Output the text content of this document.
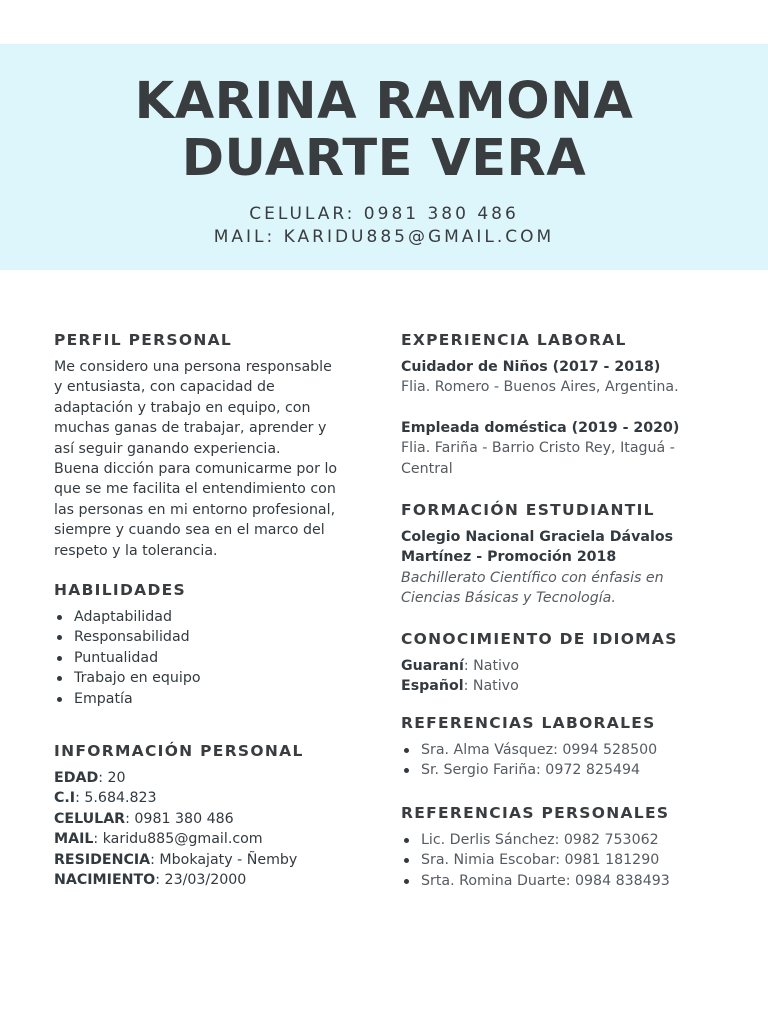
KARINA RAMONA
DUARTE VERA
CELULAR: 0981 380 486
MAIL: KARIDU885@GMAIL.COM
PERFIL PERSONAL
Me considero una persona responsable
y entusiasta, con capacidad de
adaptación y trabajo en equipo, con
muchas ganas de trabajar, aprender y
así seguir ganando experiencia.
Buena dicción para comunicarme por lo
que se me facilita el entendimiento con
las personas en mi entorno profesional,
siempre y cuando sea en el marco del
respeto y la tolerancia.
HABILIDADES
Adaptabilidad
Responsabilidad
Puntualidad
Trabajo en equipo
Empatía
INFORMACIÓN PERSONAL
EDAD: 20
C.I: 5.684.823
CELULAR: 0981 380 486
MAIL: karidu885@gmail.com
RESIDENCIA: Mbokajaty - Ñemby
NACIMIENTO: 23/03/2000
EXPERIENCIA LABORAL
Cuidador de Niños (2017 - 2018)
Flia. Romero - Buenos Aires, Argentina.
Empleada doméstica (2019 - 2020)
Flia. Fariña - Barrio Cristo Rey, Itaguá -
Central
FORMACIÓN ESTUDIANTIL
Colegio Nacional Graciela Dávalos
Martínez - Promoción 2018
Bachillerato Científico con énfasis en
Ciencias Básicas y Tecnología.
CONOCIMIENTO DE IDIOMAS
Guaraní: Nativo
Español: Nativo
REFERENCIAS LABORALES
Sra. Alma Vásquez: 0994 528500
Sr. Sergio Fariña: 0972 825494
REFERENCIAS PERSONALES
Lic. Derlis Sánchez: 0982 753062
Sra. Nimia Escobar: 0981 181290
Srta. Romina Duarte: 0984 838493
